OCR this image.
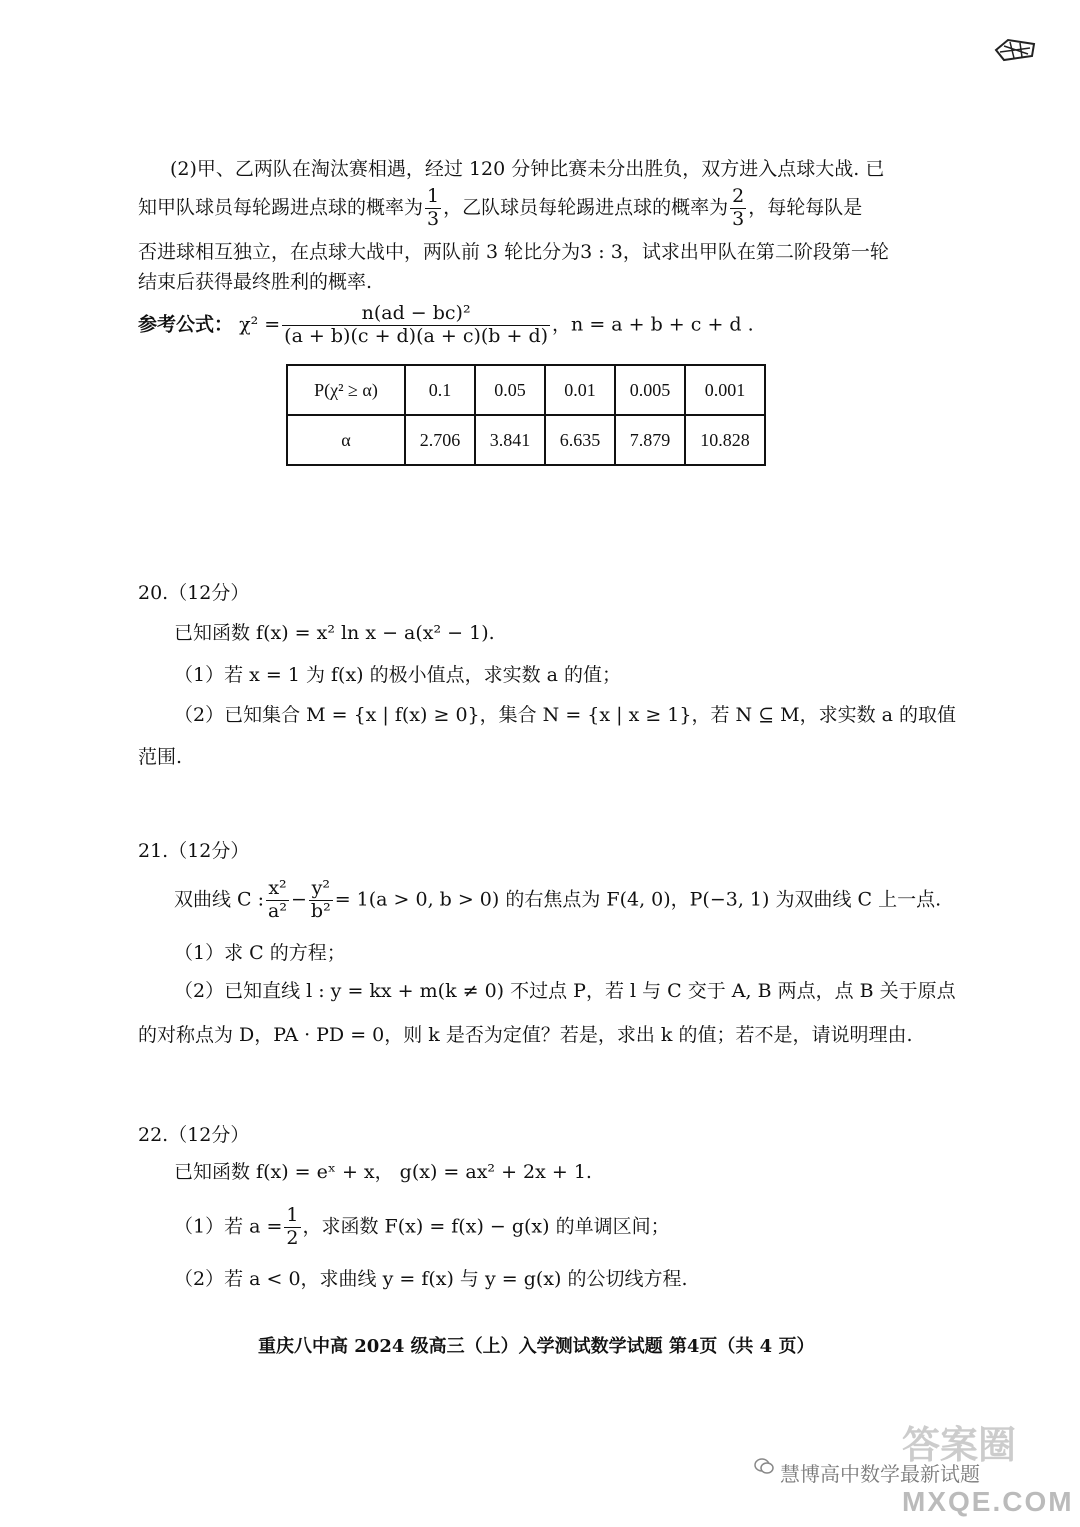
(2)甲、乙两队在淘汰赛相遇，经过 120 分钟比赛未分出胜负，双方进入点球大战. 已
知甲队球员每轮踢进点球的概率为 $\frac{1}{3}$ ，乙队球员每轮踢进点球的概率为 $\frac{2}{3}$ ，每轮每队是
否进球相互独立，在点球大战中，两队前 3 轮比分为3 : 3，试求出甲队在第二阶段第一轮
结束后获得最终胜利的概率.
参考公式： $\chi^2 = \frac{\text{n(ad − bc)²}}{(a + b)(c + d)(a + c)(b + d)}$ ，n = a + b + c + d .
P(χ² ≥ α)	0.1	0.05	0.01	0.005	0.001
α	2.706	3.841	6.635	7.879	10.828
20.（12分）
已知函数 f(x) = x² ln x − a(x² − 1).
（1）若 x = 1 为 f(x) 的极小值点，求实数 a 的值；
（2）已知集合 M = {x | f(x) ≥ 0}，集合 N = {x | x ≥ 1}，若 N ⊆ M，求实数 a 的取值
范围.
21.（12分）
双曲线 C : $\frac{\text{x²}}{\text{a²}} - \frac{\text{y²}}{\text{b²}} = 1(a > 0$, b > 0) 的右焦点为 F(4, 0)，P(−3, 1) 为双曲线 C 上一点.
（1）求 C 的方程；
（2）已知直线 l : y = kx + m(k ≠ 0) 不过点 P，若 l 与 C 交于 A, B 两点，点 B 关于原点
的对称点为 D，PA · PD = 0，则 k 是否为定值？若是，求出 k 的值；若不是，请说明理由.
22.（12分）
已知函数 f(x) = eˣ + x， g(x) = ax² + 2x + 1.
（1）若 $a = \frac{1}{2}$ ，求函数 F(x) = f(x) − g(x) 的单调区间；
（2）若 a < 0，求曲线 y = f(x) 与 y = g(x) 的公切线方程.
重庆八中高 2024 级高三（上）入学测试数学试题 第4页（共 4 页）
慧博高中数学最新试题
答案圈
MXQE.COM
